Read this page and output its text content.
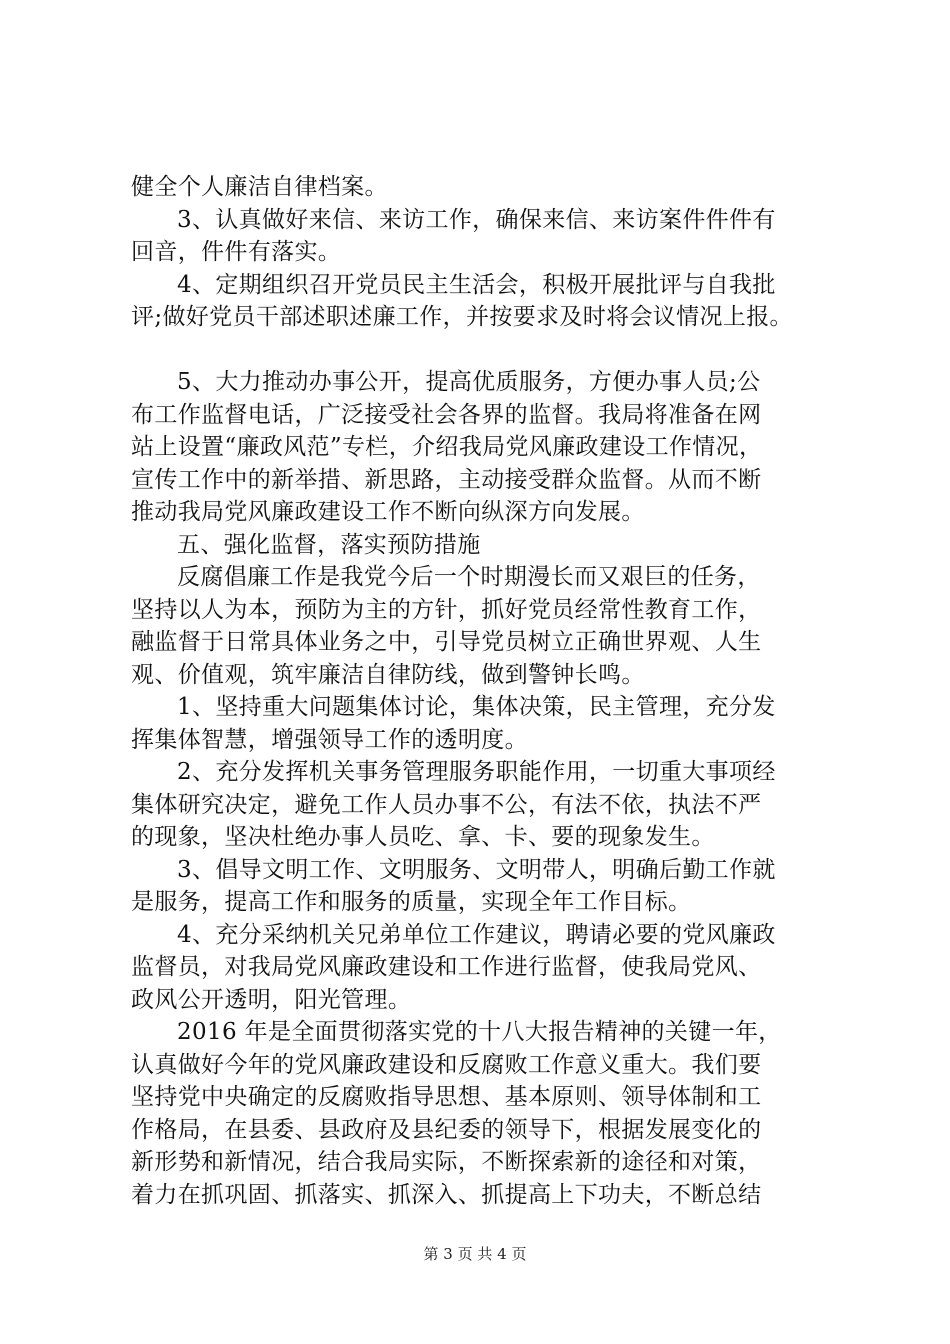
健全个人廉洁自律档案。
3、认真做好来信、来访工作，确保来信、来访案件件件有
回音，件件有落实。
4、定期组织召开党员民主生活会，积极开展批评与自我批
评;做好党员干部述职述廉工作，并按要求及时将会议情况上报。
5、大力推动办事公开，提高优质服务，方便办事人员;公
布工作监督电话，广泛接受社会各界的监督。我局将准备在网
站上设置“廉政风范”专栏，介绍我局党风廉政建设工作情况，
宣传工作中的新举措、新思路，主动接受群众监督。从而不断
推动我局党风廉政建设工作不断向纵深方向发展。
五、强化监督，落实预防措施
反腐倡廉工作是我党今后一个时期漫长而又艰巨的任务，
坚持以人为本，预防为主的方针，抓好党员经常性教育工作，
融监督于日常具体业务之中，引导党员树立正确世界观、人生
观、价值观，筑牢廉洁自律防线，做到警钟长鸣。
1、坚持重大问题集体讨论，集体决策，民主管理，充分发
挥集体智慧，增强领导工作的透明度。
2、充分发挥机关事务管理服务职能作用，一切重大事项经
集体研究决定，避免工作人员办事不公，有法不依，执法不严
的现象，坚决杜绝办事人员吃、拿、卡、要的现象发生。
3、倡导文明工作、文明服务、文明带人，明确后勤工作就
是服务，提高工作和服务的质量，实现全年工作目标。
4、充分采纳机关兄弟单位工作建议，聘请必要的党风廉政
监督员，对我局党风廉政建设和工作进行监督，使我局党风、
政风公开透明，阳光管理。
2016 年是全面贯彻落实党的十八大报告精神的关键一年，
认真做好今年的党风廉政建设和反腐败工作意义重大。我们要
坚持党中央确定的反腐败指导思想、基本原则、领导体制和工
作格局，在县委、县政府及县纪委的领导下，根据发展变化的
新形势和新情况，结合我局实际，不断探索新的途径和对策，
着力在抓巩固、抓落实、抓深入、抓提高上下功夫，不断总结
第 3 页 共 4 页
